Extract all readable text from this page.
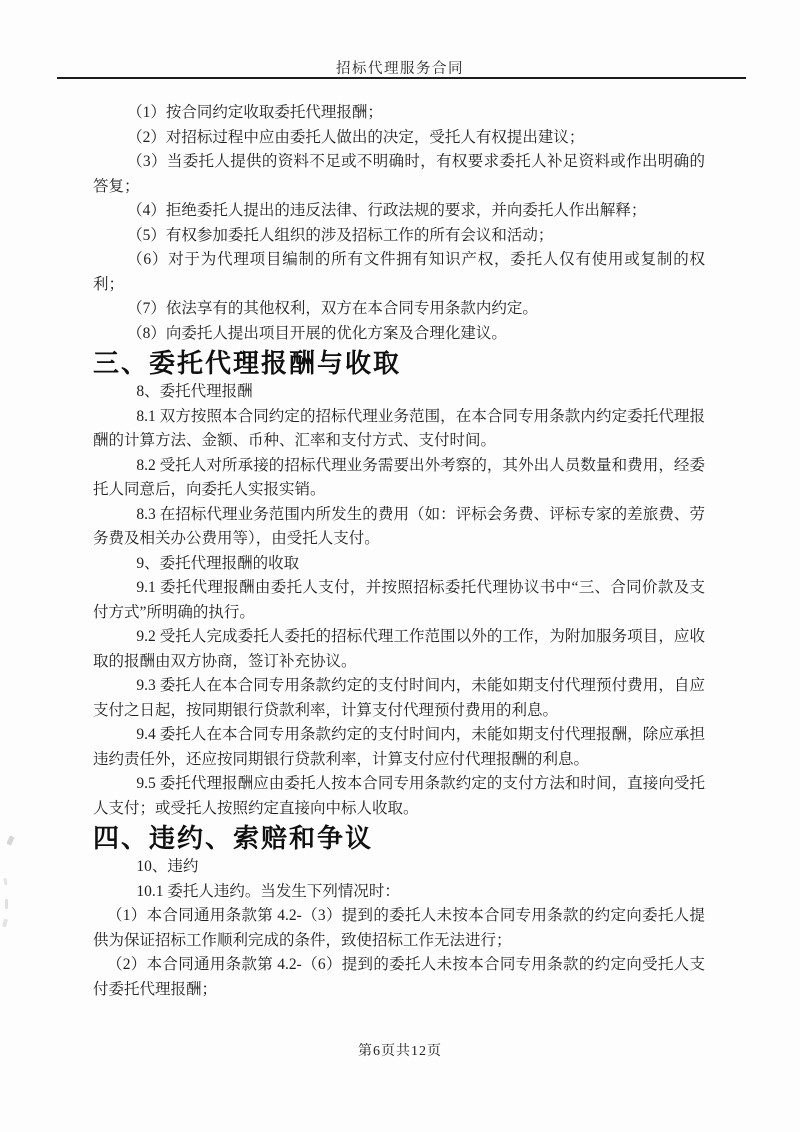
招标代理服务合同

（1）按合同约定收取委托代理报酬；

（2）对招标过程中应由委托人做出的决定，受托人有权提出建议；

（3）当委托人提供的资料不足或不明确时，有权要求委托人补足资料或作出明确的答复；

（4）拒绝委托人提出的违反法律、行政法规的要求，并向委托人作出解释；

（5）有权参加委托人组织的涉及招标工作的所有会议和活动；

（6）对于为代理项目编制的所有文件拥有知识产权，委托人仅有使用或复制的权利；

（7）依法享有的其他权利，双方在本合同专用条款内约定。

（8）向委托人提出项目开展的优化方案及合理化建议。

三、委托代理报酬与收取

8、委托代理报酬

8.1 双方按照本合同约定的招标代理业务范围，在本合同专用条款内约定委托代理报酬的计算方法、金额、币种、汇率和支付方式、支付时间。

8.2 受托人对所承接的招标代理业务需要出外考察的，其外出人员数量和费用，经委托人同意后，向委托人实报实销。

8.3 在招标代理业务范围内所发生的费用（如：评标会务费、评标专家的差旅费、劳务费及相关办公费用等），由受托人支付。

9、委托代理报酬的收取

9.1 委托代理报酬由委托人支付，并按照招标委托代理协议书中“三、合同价款及支付方式”所明确的执行。

9.2 受托人完成委托人委托的招标代理工作范围以外的工作，为附加服务项目，应收取的报酬由双方协商，签订补充协议。

9.3 委托人在本合同专用条款约定的支付时间内，未能如期支付代理预付费用，自应支付之日起，按同期银行贷款利率，计算支付代理预付费用的利息。

9.4 委托人在本合同专用条款约定的支付时间内，未能如期支付代理报酬，除应承担违约责任外，还应按同期银行贷款利率，计算支付应付代理报酬的利息。

9.5 委托代理报酬应由委托人按本合同专用条款约定的支付方法和时间，直接向受托人支付；或受托人按照约定直接向中标人收取。

四、违约、索赔和争议

10、违约

10.1 委托人违约。当发生下列情况时：

（1）本合同通用条款第 4.2-（3）提到的委托人未按本合同专用条款的约定向委托人提供为保证招标工作顺利完成的条件，致使招标工作无法进行；

（2）本合同通用条款第 4.2-（6）提到的委托人未按本合同专用条款的约定向受托人支付委托代理报酬；

第6页共12页
